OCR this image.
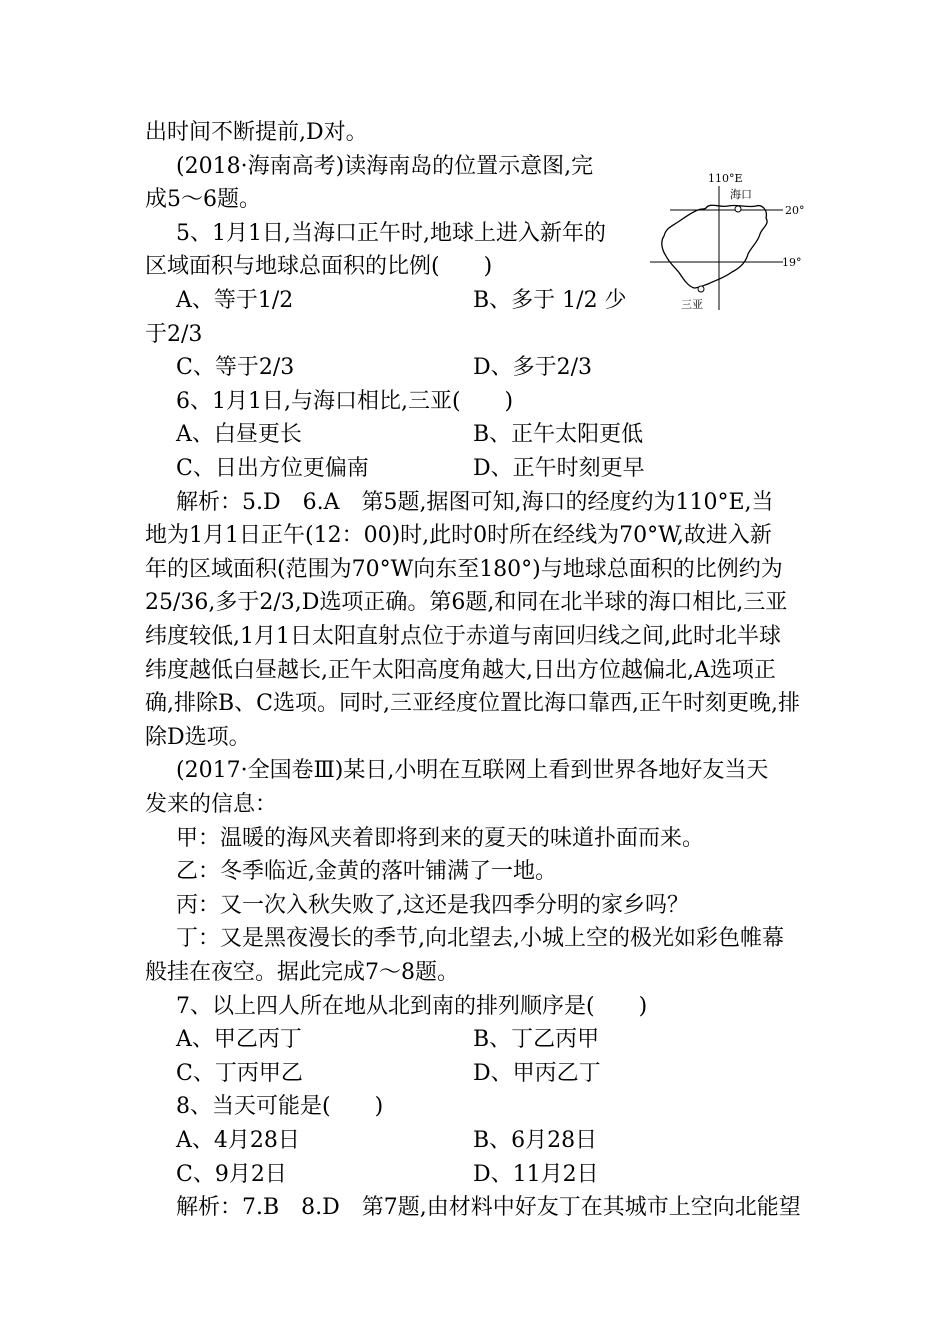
出时间不断提前,D对。
(2018·海南高考)读海南岛的位置示意图,完
成5～6题。
5、1月1日,当海口正午时,地球上进入新年的
区域面积与地球总面积的比例(　　)
A、等于1/2	B、多于 1/2 少
于2/3
C、等于2/3	D、多于2/3
6、1月1日,与海口相比,三亚(　　)
A、白昼更长	B、正午太阳更低
C、日出方位更偏南	D、正午时刻更早
解析：5.D　6.A　第5题,据图可知,海口的经度约为110°E,当
地为1月1日正午(12：00)时,此时0时所在经线为70°W,故进入新
年的区域面积(范围为70°W向东至180°)与地球总面积的比例约为
25/36,多于2/3,D选项正确。第6题,和同在北半球的海口相比,三亚
纬度较低,1月1日太阳直射点位于赤道与南回归线之间,此时北半球
纬度越低白昼越长,正午太阳高度角越大,日出方位越偏北,A选项正
确,排除B、C选项。同时,三亚经度位置比海口靠西,正午时刻更晚,排
除D选项。
(2017·全国卷Ⅲ)某日,小明在互联网上看到世界各地好友当天
发来的信息：
甲：温暖的海风夹着即将到来的夏天的味道扑面而来。
乙：冬季临近,金黄的落叶铺满了一地。
丙：又一次入秋失败了,这还是我四季分明的家乡吗？
丁：又是黑夜漫长的季节,向北望去,小城上空的极光如彩色帷幕
般挂在夜空。据此完成7～8题。
7、以上四人所在地从北到南的排列顺序是(　　)
A、甲乙丙丁	B、丁乙丙甲
C、丁丙甲乙	D、甲丙乙丁
8、当天可能是(　　)
A、4月28日	B、6月28日
C、9月2日	D、11月2日
解析：7.B　8.D　第7题,由材料中好友丁在其城市上空向北能望
110°E
20°
19°
海口
三亚
